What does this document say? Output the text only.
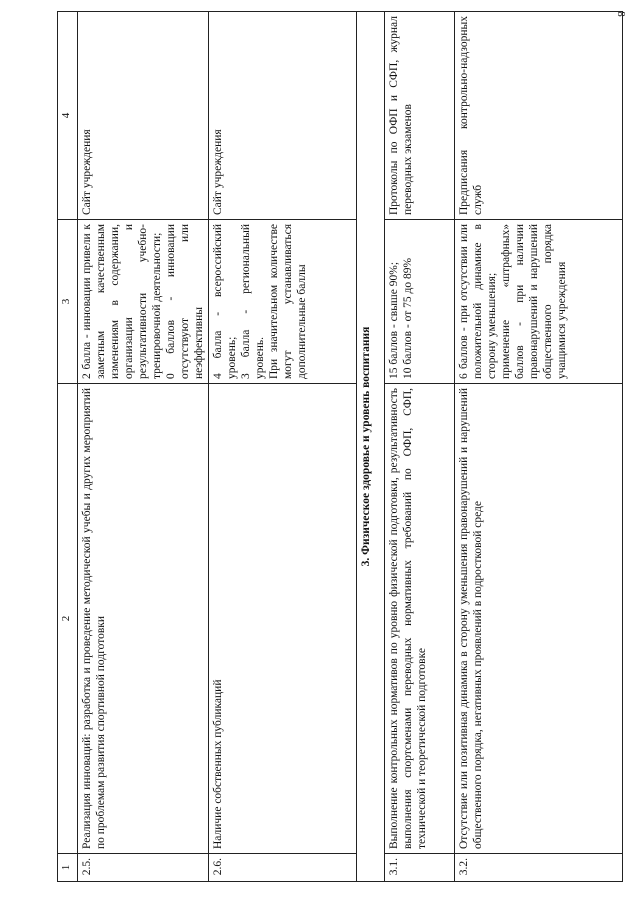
8
1	2	3	4
2.5.	Реализация инноваций: разработка и проведение методической учебы и других мероприятий по проблемам развития спортивной подготовки	2 балла - инновации привели к заметным качественным изменениям в содержании, организации и результативности учебно-тренировочной деятельности; 0 баллов - инновации отсутствуют или неэффективны	Сайт учреждения
2.6.	Наличие собственных публикаций	4 балла - всероссийский уровень; 3 балла - региональный уровень. При значительном количестве могут устанавливаться дополнительные баллы	Сайт учреждения
3. Физическое здоровье и уровень воспитания			
3.1.	Выполнение контрольных нормативов по уровню физической подготовки, результативность выполнения спортсменами переводных нормативных требований по ОФП, СФП, технической и теоретической подготовке	15 баллов - свыше 90%; 10 баллов - от 75 до 89%	Протоколы по ОФП и СФП, журнал переводных экзаменов
3.2.	Отсутствие или позитивная динамика в сторону уменьшения правонарушений и нарушений общественного порядка, негативных проявлений в подростковой среде	6 баллов - при отсутствии или положительной динамике в сторону уменьшения; применение «штрафных» баллов - при наличии правонарушений и нарушений общественного порядка учащимися учреждения	Предписания контрольно-надзорных служб
